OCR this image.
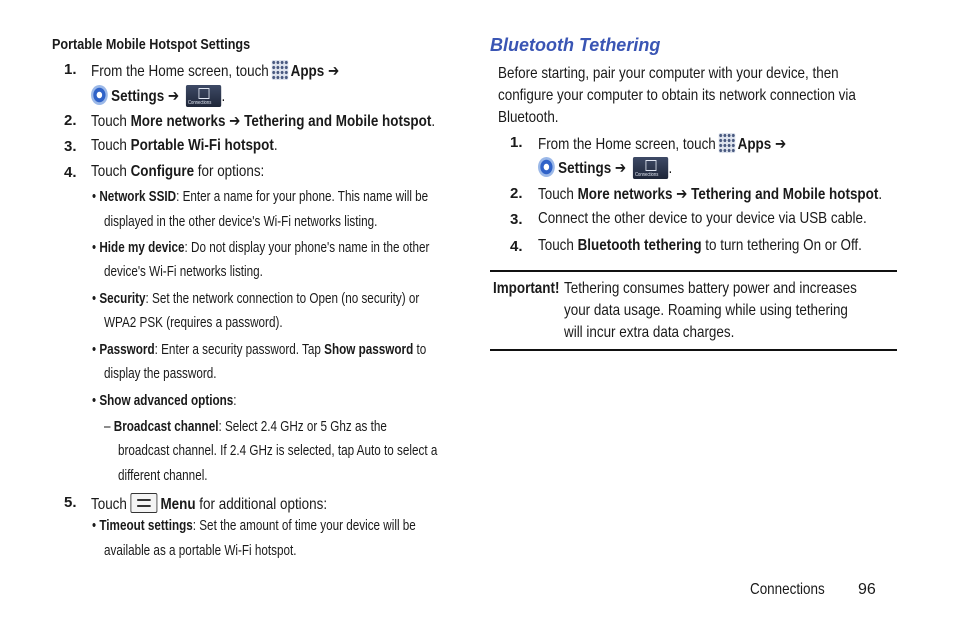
Portable Mobile Hotspot Settings
1. From the Home screen, touch Apps ➔
Settings ➔ Connections .
2. Touch More networks ➔ Tethering and Mobile hotspot.
3. Touch Portable Wi-Fi hotspot.
4. Touch Configure for options:
• Network SSID: Enter a name for your phone. This name will be
displayed in the other device's Wi-Fi networks listing.
• Hide my device: Do not display your phone's name in the other
device's Wi-Fi networks listing.
• Security: Set the network connection to Open (no security) or
WPA2 PSK (requires a password).
• Password: Enter a security password. Tap Show password to
display the password.
• Show advanced options:
– Broadcast channel: Select 2.4 GHz or 5 Ghz as the
broadcast channel. If 2.4 GHz is selected, tap Auto to select a
different channel.
5. Touch Menu for additional options:
• Timeout settings: Set the amount of time your device will be
available as a portable Wi-Fi hotspot.
Bluetooth Tethering
Before starting, pair your computer with your device, then
configure your computer to obtain its network connection via
Bluetooth.
1. From the Home screen, touch Apps ➔
Settings ➔ Connections .
2. Touch More networks ➔ Tethering and Mobile hotspot.
3. Connect the other device to your device via USB cable.
4. Touch Bluetooth tethering to turn tethering On or Off.
Important! Tethering consumes battery power and increases
your data usage. Roaming while using tethering
will incur extra data charges.
Connections	96
